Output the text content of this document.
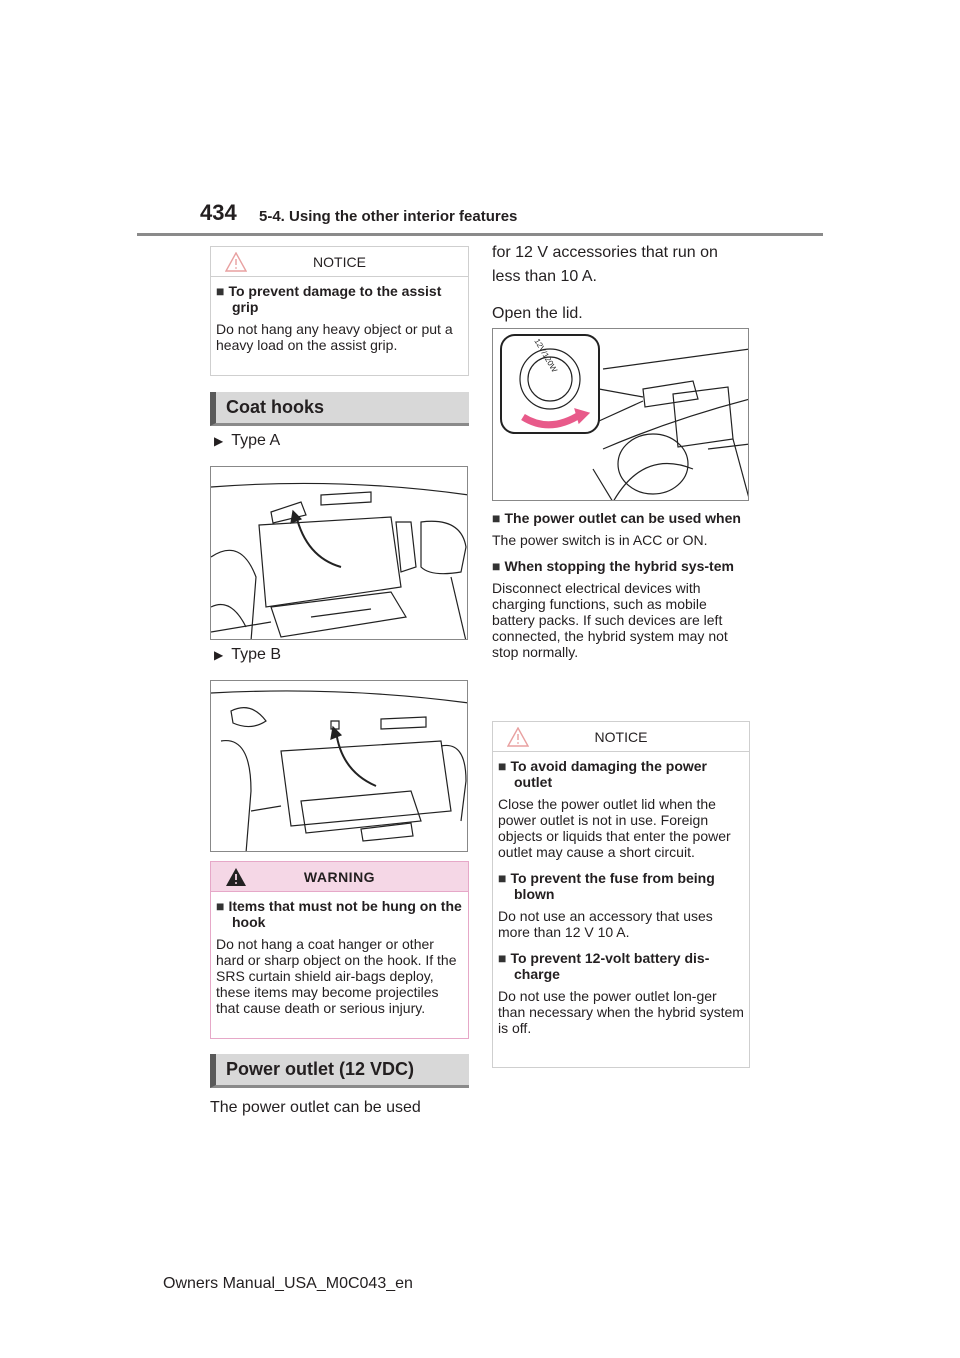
434 5-4. Using the other interior features
NOTICE
■ To prevent damage to the assist grip
Do not hang any heavy object or put a heavy load on the assist grip.
Coat hooks
▶ Type A
▶ Type B
WARNING
■ Items that must not be hung on the hook
Do not hang a coat hanger or other hard or sharp object on the hook. If the SRS curtain shield air-bags deploy, these items may become projectiles that cause death or serious injury.
Power outlet (12 VDC)
The power outlet can be used
for 12 V accessories that run on less than 10 A.
Open the lid.
12V/120W
■ The power outlet can be used when
The power switch is in ACC or ON.
■ When stopping the hybrid sys-tem
Disconnect electrical devices with charging functions, such as mobile battery packs. If such devices are left connected, the hybrid system may not stop normally.
NOTICE
■ To avoid damaging the power outlet
Close the power outlet lid when the power outlet is not in use. Foreign objects or liquids that enter the power outlet may cause a short circuit.
■ To prevent the fuse from being blown
Do not use an accessory that uses more than 12 V 10 A.
■ To prevent 12-volt battery dis-charge
Do not use the power outlet lon-ger than necessary when the hybrid system is off.
Owners Manual_USA_M0C043_en
